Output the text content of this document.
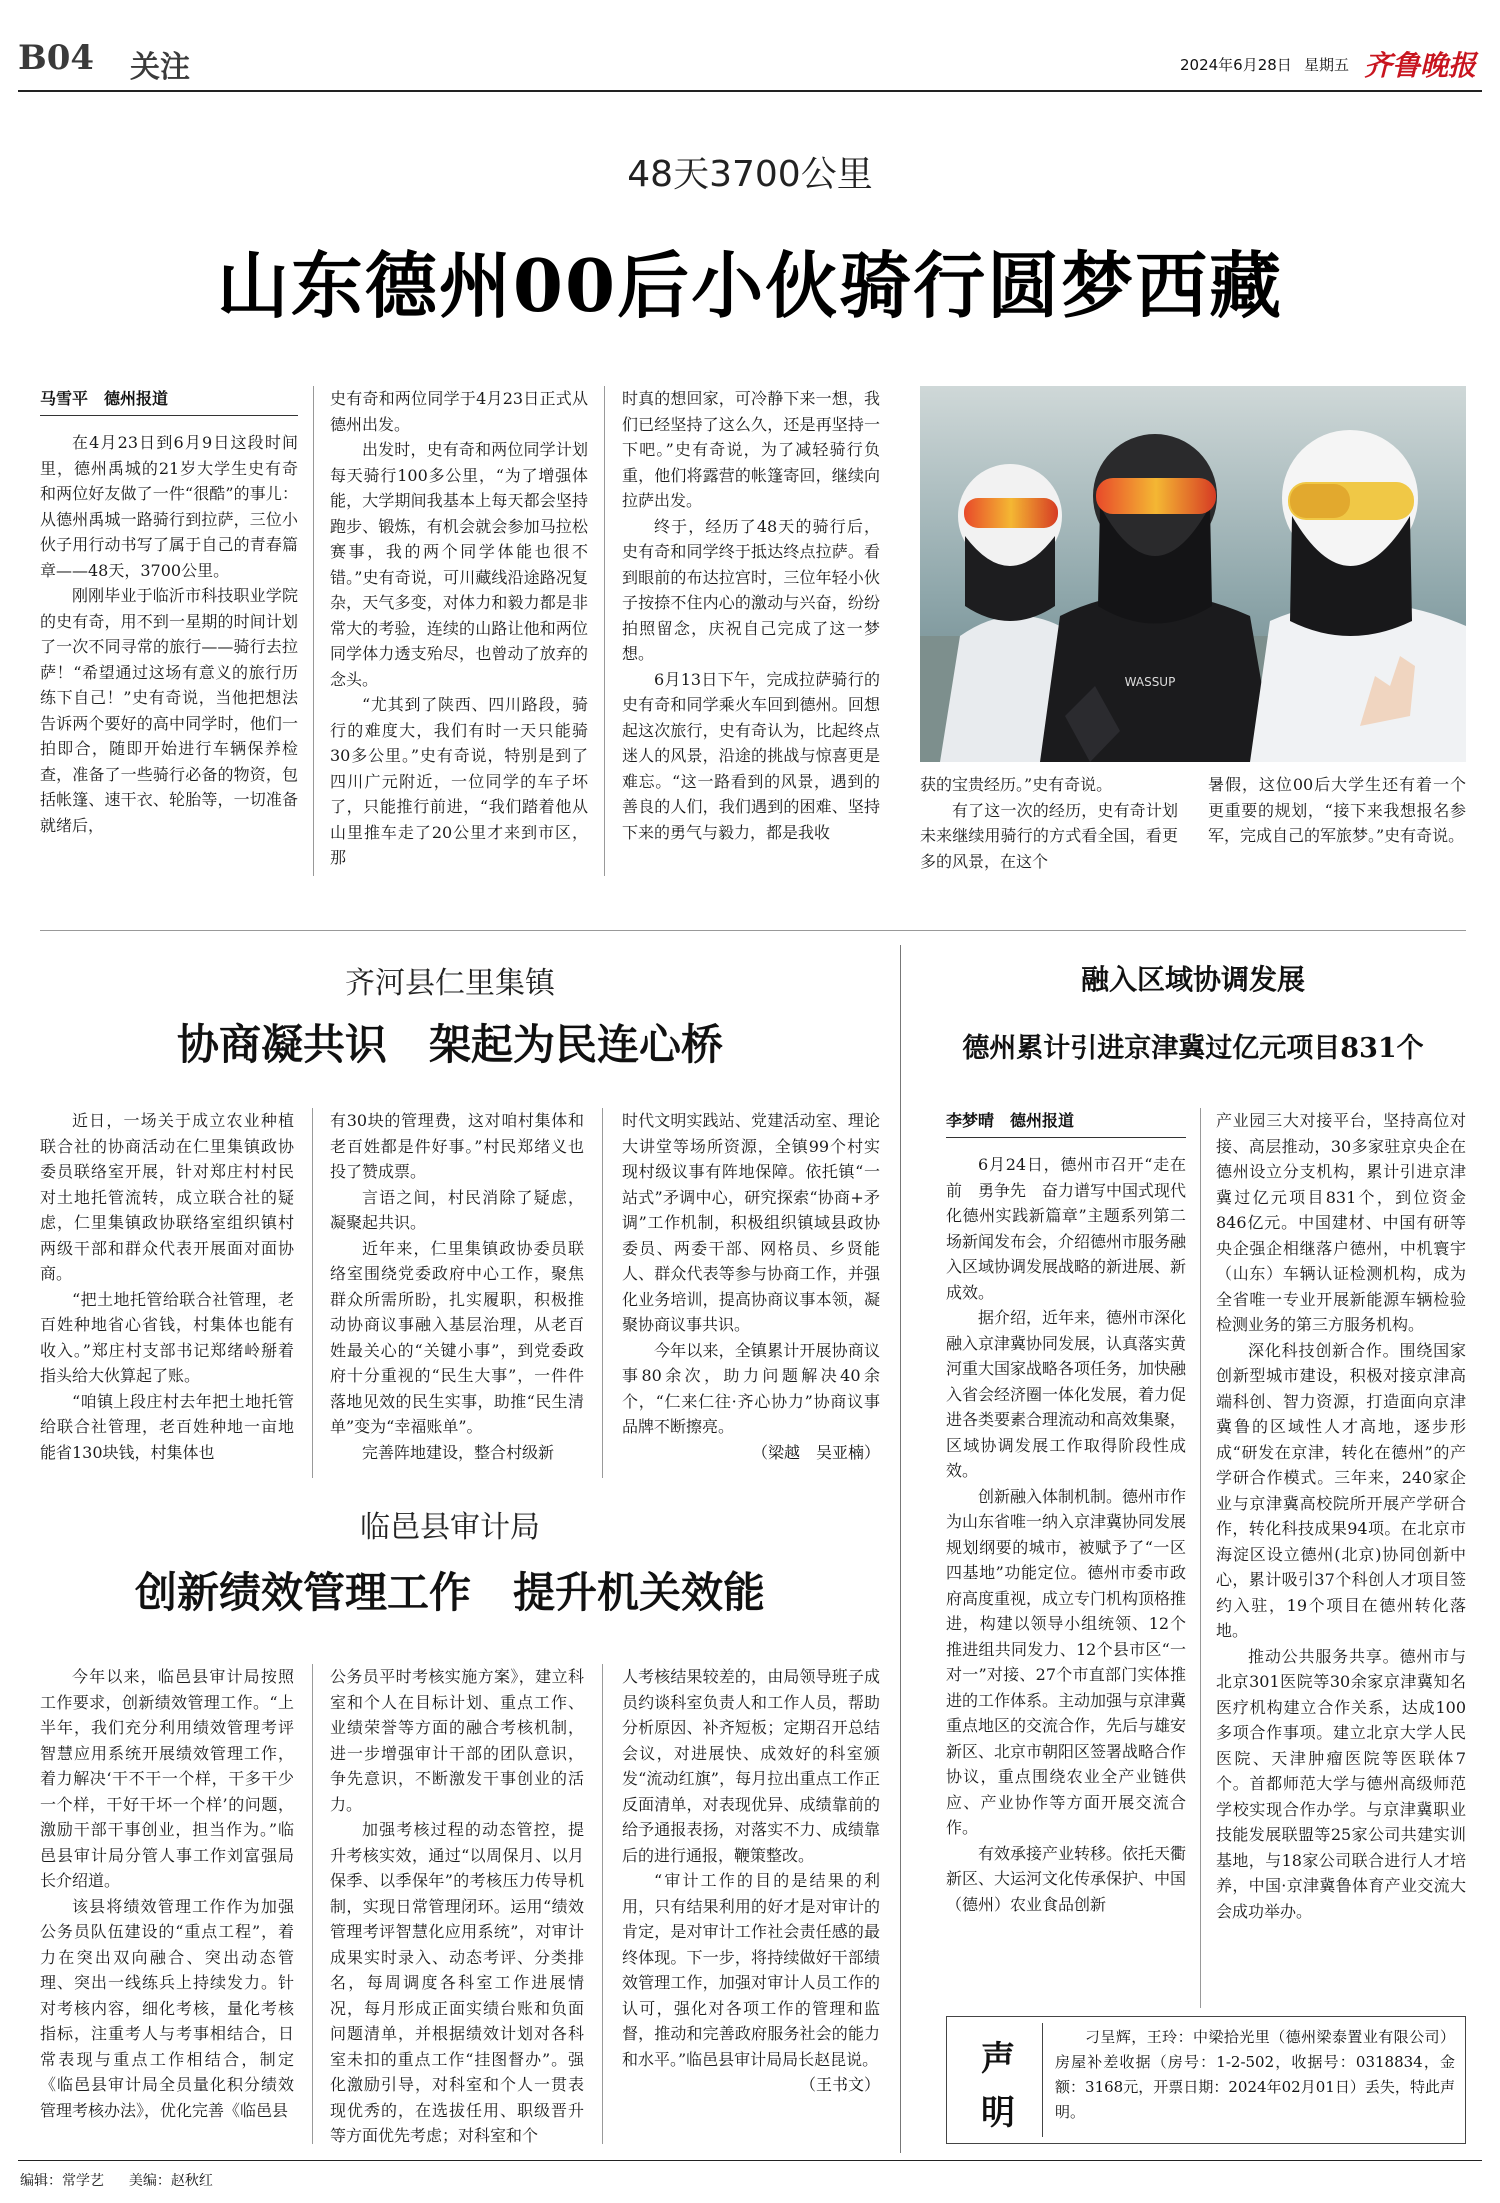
B04 关注	2024年6月28日 星期五 齐鲁晚报
48天3700公里
山东德州00后小伙骑行圆梦西藏
马雪平　德州报道

在4月23日到6月9日这段时间里，德州禹城的21岁大学生史有奇和两位好友做了一件“很酷”的事儿：从德州禹城一路骑行到拉萨，三位小伙子用行动书写了属于自己的青春篇章——48天，3700公里。

刚刚毕业于临沂市科技职业学院的史有奇，用不到一星期的时间计划了一次不同寻常的旅行——骑行去拉萨！“希望通过这场有意义的旅行历练下自己！”史有奇说，当他把想法告诉两个要好的高中同学时，他们一拍即合，随即开始进行车辆保养检查，准备了一些骑行必备的物资，包括帐篷、速干衣、轮胎等，一切准备就绪后，

史有奇和两位同学于4月23日正式从德州出发。

出发时，史有奇和两位同学计划每天骑行100多公里，“为了增强体能，大学期间我基本上每天都会坚持跑步、锻炼，有机会就会参加马拉松赛事，我的两个同学体能也很不错。”史有奇说，可川藏线沿途路况复杂，天气多变，对体力和毅力都是非常大的考验，连续的山路让他和两位同学体力透支殆尽，也曾动了放弃的念头。

“尤其到了陕西、四川路段，骑行的难度大，我们有时一天只能骑30多公里。”史有奇说，特别是到了四川广元附近，一位同学的车子坏了，只能推行前进，“我们踏着他从山里推车走了20公里才来到市区，那

时真的想回家，可冷静下来一想，我们已经坚持了这么久，还是再坚持一下吧。”史有奇说，为了减轻骑行负重，他们将露营的帐篷寄回，继续向拉萨出发。

终于，经历了48天的骑行后，史有奇和同学终于抵达终点拉萨。看到眼前的布达拉宫时，三位年轻小伙子按捺不住内心的激动与兴奋，纷纷拍照留念，庆祝自己完成了这一梦想。

6月13日下午，完成拉萨骑行的史有奇和同学乘火车回到德州。回想起这次旅行，史有奇认为，比起终点迷人的风景，沿途的挑战与惊喜更是难忘。“这一路看到的风景，遇到的善良的人们，我们遇到的困难、坚持下来的勇气与毅力，都是我收

WASSUP

获的宝贵经历。”史有奇说。

有了这一次的经历，史有奇计划未来继续用骑行的方式看全国，看更多的风景，在这个

暑假，这位00后大学生还有着一个更重要的规划，“接下来我想报名参军，完成自己的军旅梦。”史有奇说。

齐河县仁里集镇
协商凝共识　架起为民连心桥

近日，一场关于成立农业种植联合社的协商活动在仁里集镇政协委员联络室开展，针对郑庄村村民对土地托管流转，成立联合社的疑虑，仁里集镇政协联络室组织镇村两级干部和群众代表开展面对面协商。

“把土地托管给联合社管理，老百姓种地省心省钱，村集体也能有收入。”郑庄村支部书记郑绪岭掰着指头给大伙算起了账。

“咱镇上段庄村去年把土地托管给联合社管理，老百姓种地一亩地能省130块钱，村集体也

有30块的管理费，这对咱村集体和老百姓都是件好事。”村民郑绪义也投了赞成票。

言语之间，村民消除了疑虑，凝聚起共识。

近年来，仁里集镇政协委员联络室围绕党委政府中心工作，聚焦群众所需所盼，扎实履职，积极推动协商议事融入基层治理，从老百姓最关心的“关键小事”，到党委政府十分重视的“民生大事”，一件件落地见效的民生实事，助推“民生清单”变为“幸福账单”。

完善阵地建设，整合村级新

时代文明实践站、党建活动室、理论大讲堂等场所资源，全镇99个村实现村级议事有阵地保障。依托镇“一站式”矛调中心，研究探索“协商+矛调”工作机制，积极组织镇域县政协委员、两委干部、网格员、乡贤能人、群众代表等参与协商工作，并强化业务培训，提高协商议事本领，凝聚协商议事共识。

今年以来，全镇累计开展协商议事80余次，助力问题解决40余个，“仁来仁往·齐心协力”协商议事品牌不断擦亮。

（梁越　吴亚楠）
临邑县审计局
创新绩效管理工作　提升机关效能

今年以来，临邑县审计局按照工作要求，创新绩效管理工作。“上半年，我们充分利用绩效管理考评智慧应用系统开展绩效管理工作，着力解决‘干不干一个样，干多干少一个样，干好干坏一个样’的问题，激励干部干事创业，担当作为。”临邑县审计局分管人事工作刘富强局长介绍道。

该县将绩效管理工作作为加强公务员队伍建设的“重点工程”，着力在突出双向融合、突出动态管理、突出一线练兵上持续发力。针对考核内容，细化考核，量化考核指标，注重考人与考事相结合，日常表现与重点工作相结合，制定《临邑县审计局全员量化积分绩效管理考核办法》，优化完善《临邑县

公务员平时考核实施方案》，建立科室和个人在目标计划、重点工作、业绩荣誉等方面的融合考核机制，进一步增强审计干部的团队意识，争先意识，不断激发干事创业的活力。

加强考核过程的动态管控，提升考核实效，通过“以周保月、以月保季、以季保年”的考核压力传导机制，实现日常管理闭环。运用“绩效管理考评智慧化应用系统”，对审计成果实时录入、动态考评、分类排名，每周调度各科室工作进展情况，每月形成正面实绩台账和负面问题清单，并根据绩效计划对各科室未扣的重点工作“挂图督办”。强化激励引导，对科室和个人一贯表现优秀的，在选拔任用、职级晋升等方面优先考虑；对科室和个

人考核结果较差的，由局领导班子成员约谈科室负责人和工作人员，帮助分析原因、补齐短板；定期召开总结会议，对进展快、成效好的科室颁发“流动红旗”，每月拉出重点工作正反面清单，对表现优异、成绩靠前的给予通报表扬，对落实不力、成绩靠后的进行通报，鞭策整改。

“审计工作的目的是结果的利用，只有结果利用的好才是对审计的肯定，是对审计工作社会责任感的最终体现。下一步，将持续做好干部绩效管理工作，加强对审计人员工作的认可，强化对各项工作的管理和监督，推动和完善政府服务社会的能力和水平。”临邑县审计局局长赵昆说。

（王书文）
融入区域协调发展
德州累计引进京津冀过亿元项目831个
李梦晴　德州报道

6月24日，德州市召开“走在前　勇争先　奋力谱写中国式现代化德州实践新篇章”主题系列第二场新闻发布会，介绍德州市服务融入区域协调发展战略的新进展、新成效。

据介绍，近年来，德州市深化融入京津冀协同发展，认真落实黄河重大国家战略各项任务，加快融入省会经济圈一体化发展，着力促进各类要素合理流动和高效集聚，区域协调发展工作取得阶段性成效。

创新融入体制机制。德州市作为山东省唯一纳入京津冀协同发展规划纲要的城市，被赋予了“一区四基地”功能定位。德州市委市政府高度重视，成立专门机构顶格推进，构建以领导小组统领、12个推进组共同发力、12个县市区“一对一”对接、27个市直部门实体推进的工作体系。主动加强与京津冀重点地区的交流合作，先后与雄安新区、北京市朝阳区签署战略合作协议，重点围绕农业全产业链供应、产业协作等方面开展交流合作。

有效承接产业转移。依托天衢新区、大运河文化传承保护、中国（德州）农业食品创新

产业园三大对接平台，坚持高位对接、高层推动，30多家驻京央企在德州设立分支机构，累计引进京津冀过亿元项目831个，到位资金846亿元。中国建材、中国有研等央企强企相继落户德州，中机寰宇（山东）车辆认证检测机构，成为全省唯一专业开展新能源车辆检验检测业务的第三方服务机构。

深化科技创新合作。围绕国家创新型城市建设，积极对接京津高端科创、智力资源，打造面向京津冀鲁的区域性人才高地，逐步形成“研发在京津，转化在德州”的产学研合作模式。三年来，240家企业与京津冀高校院所开展产学研合作，转化科技成果94项。在北京市海淀区设立德州(北京)协同创新中心，累计吸引37个科创人才项目签约入驻，19个项目在德州转化落地。

推动公共服务共享。德州市与北京301医院等30余家京津冀知名医疗机构建立合作关系，达成100多项合作事项。建立北京大学人民医院、天津肿瘤医院等医联体7个。首都师范大学与德州高级师范学校实现合作办学。与京津冀职业技能发展联盟等25家公司共建实训基地，与18家公司联合进行人才培养，中国·京津冀鲁体育产业交流大会成功举办。

声
明
刁呈辉，王玲：中梁拾光里（德州梁泰置业有限公司）房屋补差收据（房号：1-2-502，收据号：0318834，金额：3168元，开票日期：2024年02月01日）丢失，特此声明。
编辑：常学艺 美编：赵秋红
